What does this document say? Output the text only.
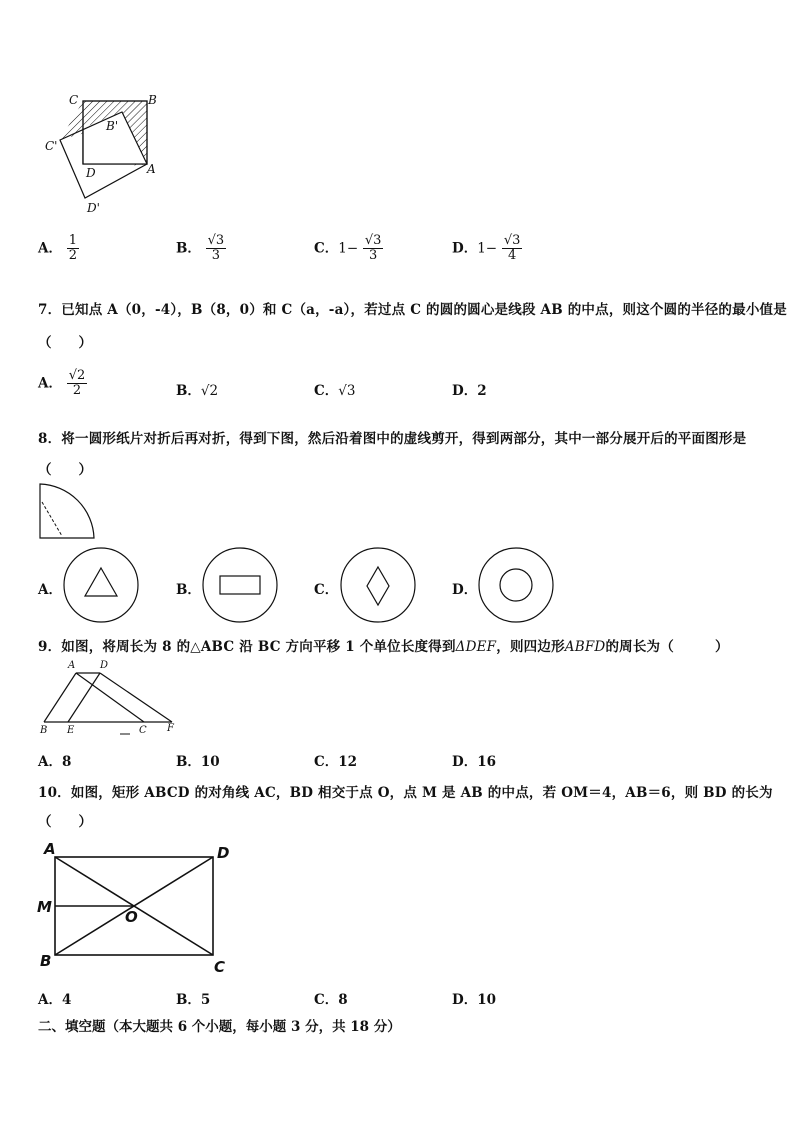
C	B
B'
C'
D	A
D'
A． $\frac{1}{2}$	B． $\frac{√3}{3}$	C．$1- \frac{√3}{3}$	D．$1- \frac{√3}{4}$
7．已知点 A（0，-4），B（8，0）和 C（a，-a），若过点 C 的圆的圆心是线段 AB 的中点，则这个圆的半径的最小值是
（　　）
A． $\frac{√2}{2}$	B．√2	C．√3	D．2
8．将一圆形纸片对折后再对折，得到下图，然后沿着图中的虚线剪开，得到两部分，其中一部分展开后的平面图形是
（　　）
A．	B．	C．	D．
9．如图，将周长为 8 的△ABC 沿 BC 方向平移 1 个单位长度得到ΔDEF，则四边形ABFD的周长为（　　　）
A D
B E	C F
A．8	B．10	C．12	D．16
10．如图，矩形 ABCD 的对角线 AC，BD 相交于点 O，点 M 是 AB 的中点，若 OM＝4，AB＝6，则 BD 的长为
（　　）
A	D
M
O
B	C
A．4	B．5	C．8	D．10
二、填空题（本大题共 6 个小题，每小题 3 分，共 18 分）
